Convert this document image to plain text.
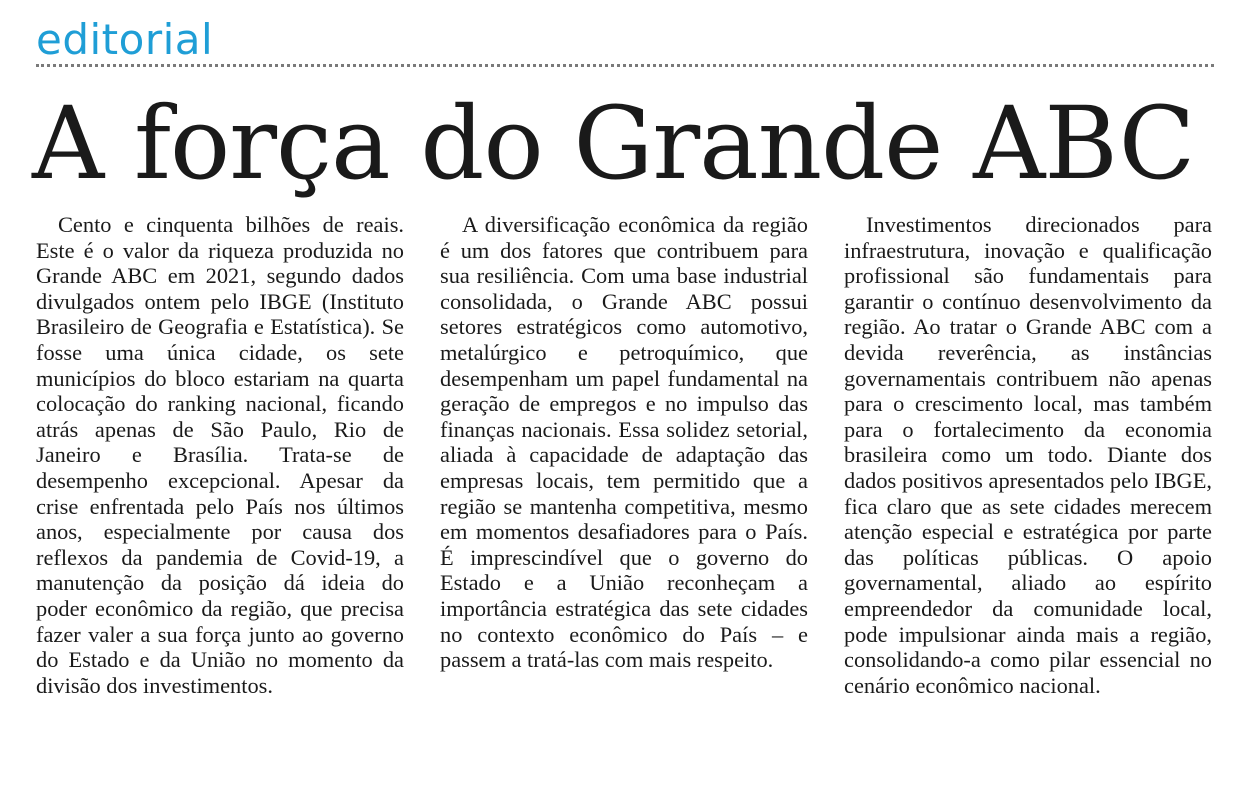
editorial
A força do Grande ABC

Cento e cinquenta bilhões de reais. Este é o valor da riqueza produzida no Grande ABC em 2021, segundo dados divulgados ontem pelo IBGE (Instituto Brasileiro de Geografia e Estatística). Se fosse uma única cidade, os sete municípios do bloco estariam na quarta colocação do ranking nacional, ficando atrás apenas de São Paulo, Rio de Janeiro e Brasília. Trata-se de desempenho excepcional. Apesar da crise enfrentada pelo País nos últimos anos, especialmente por causa dos reflexos da pandemia de Covid-19, a manutenção da posição dá ideia do poder econômico da região, que precisa fazer valer a sua força junto ao governo do Estado e da União no momento da divisão dos investimentos.

A diversificação econômica da região é um dos fatores que contribuem para sua resiliência. Com uma base industrial consolidada, o Grande ABC possui setores estratégicos como automotivo, metalúrgico e petroquímico, que desempenham um papel fundamental na geração de empregos e no impulso das finanças nacionais. Essa solidez setorial, aliada à capacidade de adaptação das empresas locais, tem permitido que a região se mantenha competitiva, mesmo em momentos desafiadores para o País. É imprescindível que o governo do Estado e a União reconheçam a importância estratégica das sete cidades no contexto econômico do País – e passem a tratá-las com mais respeito.

Investimentos direcionados para infraestrutura, inovação e qualificação profissional são fundamentais para garantir o contínuo desenvolvimento da região. Ao tratar o Grande ABC com a devida reverência, as instâncias governamentais contribuem não apenas para o crescimento local, mas também para o fortalecimento da economia brasileira como um todo. Diante dos dados positivos apresentados pelo IBGE, fica claro que as sete cidades merecem atenção especial e estratégica por parte das políticas públicas. O apoio governamental, aliado ao espírito empreendedor da comunidade local, pode impulsionar ainda mais a região, consolidando-a como pilar essencial no cenário econômico nacional.
